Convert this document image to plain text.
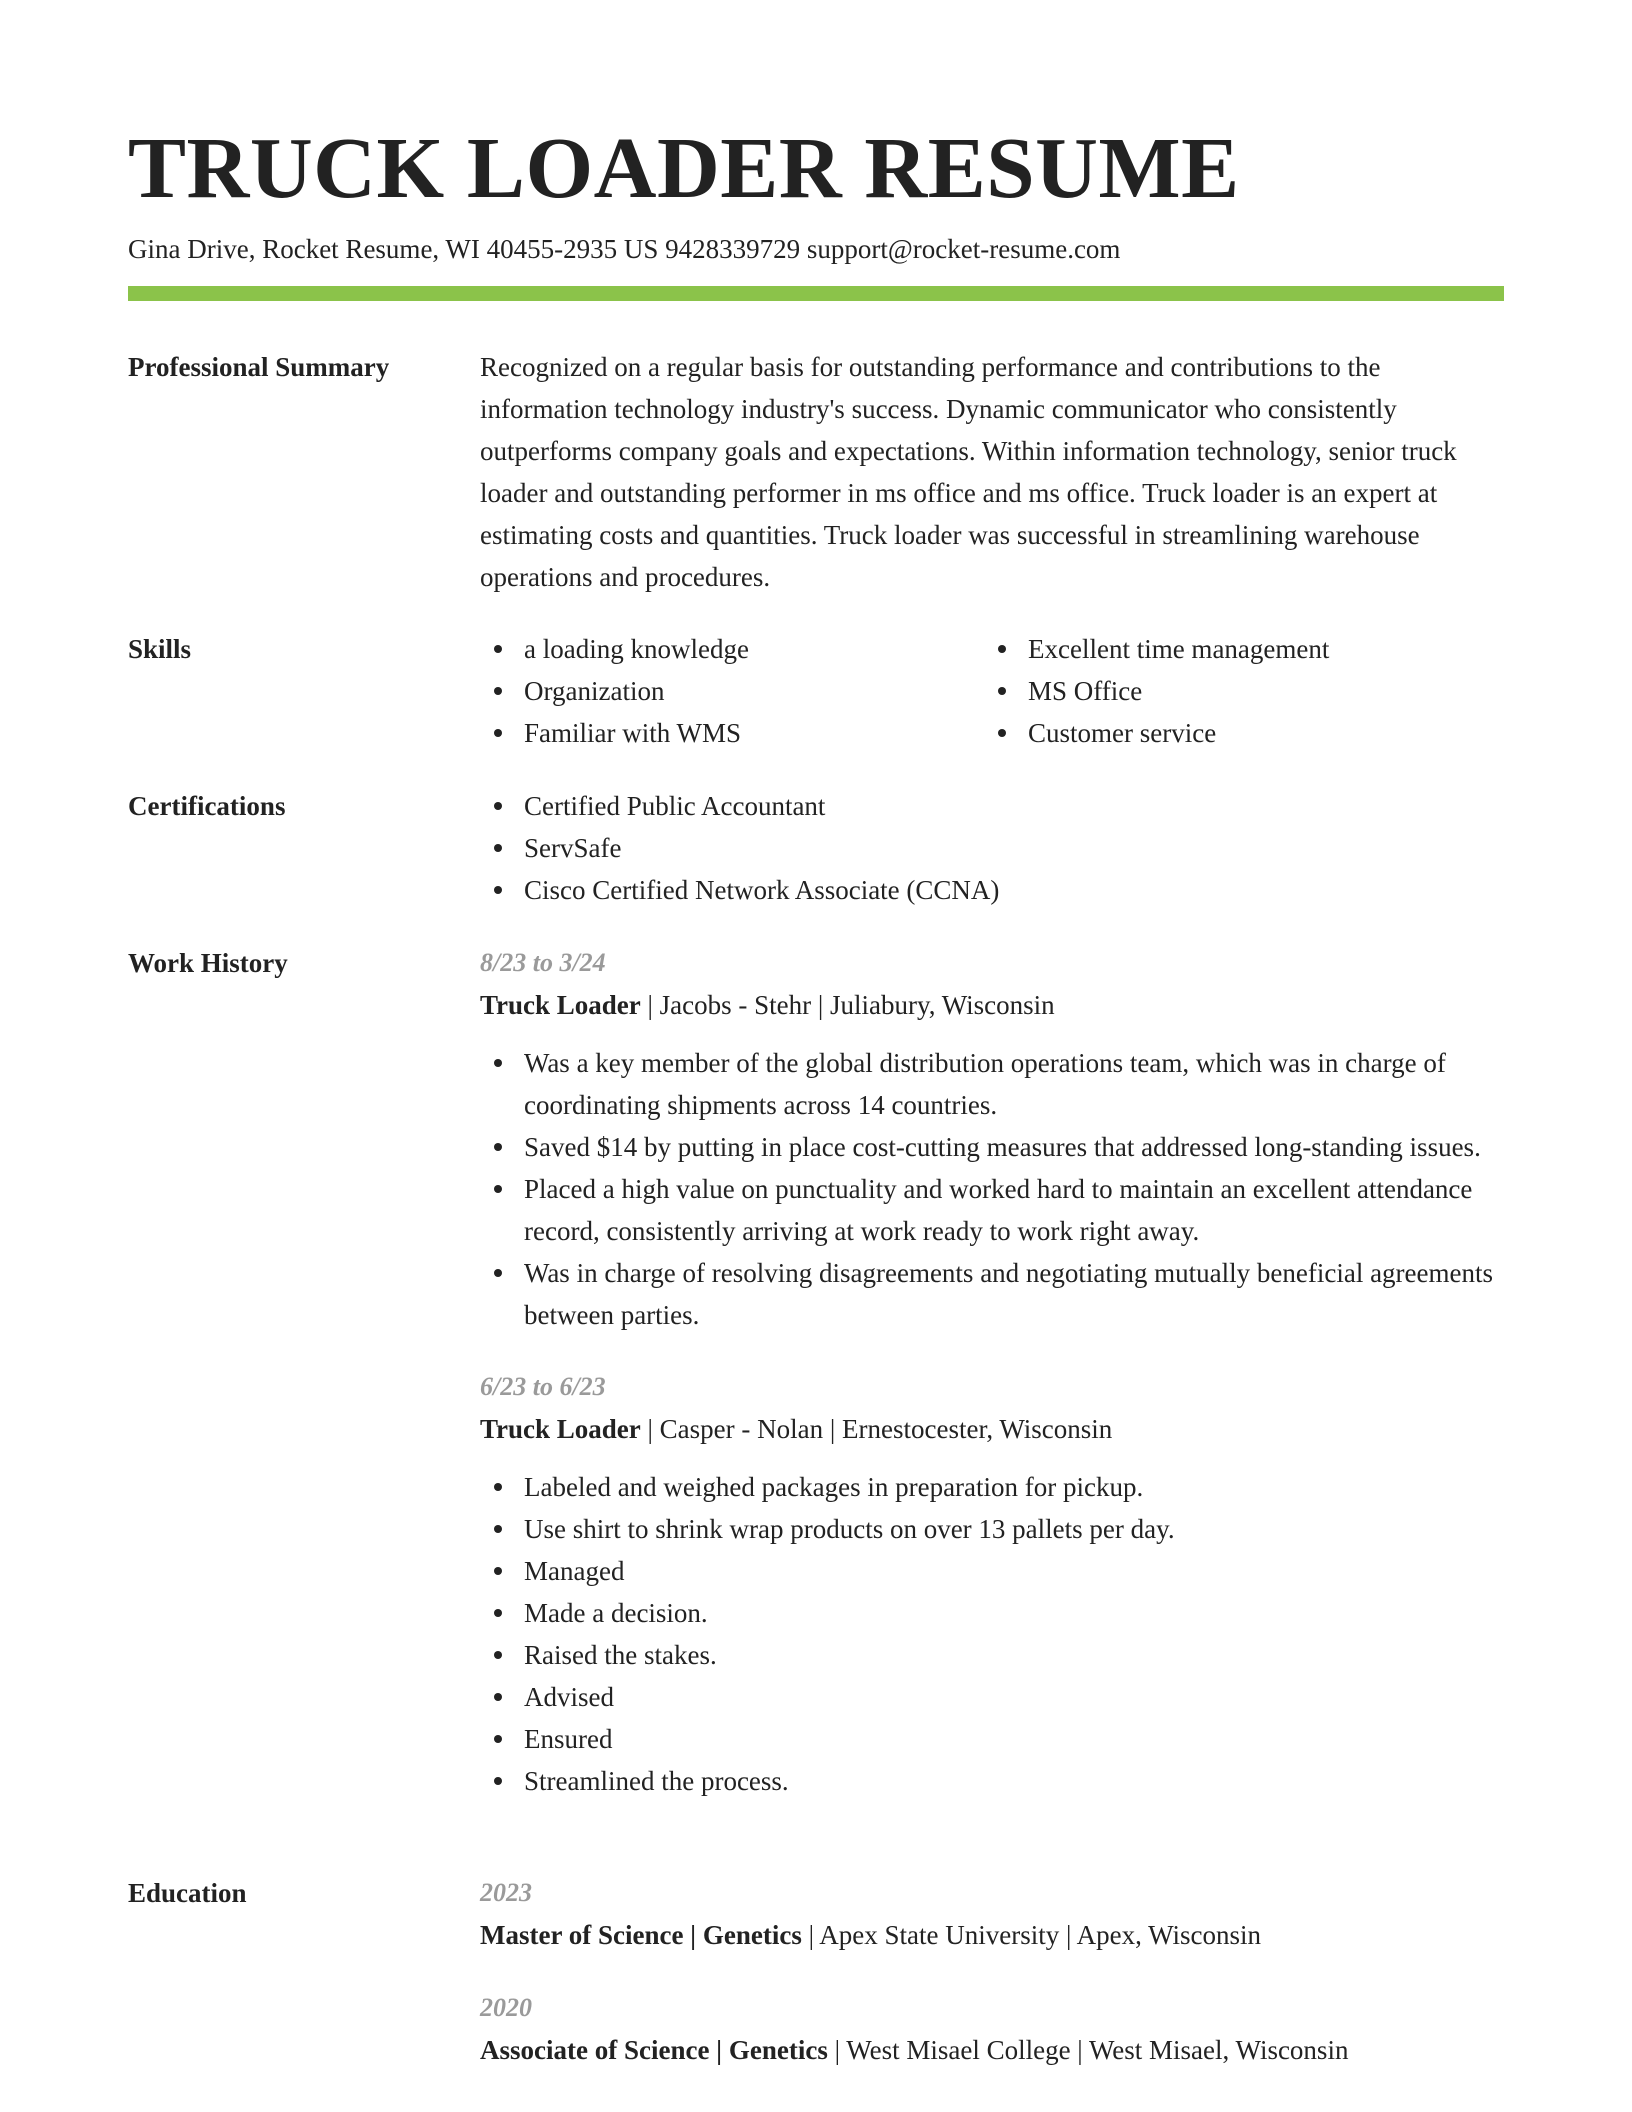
TRUCK LOADER RESUME
Gina Drive, Rocket Resume, WI 40455-2935 US 9428339729 support@rocket-resume.com
Professional Summary	Recognized on a regular basis for outstanding performance and contributions to the information technology industry's success. Dynamic communicator who consistently outperforms company goals and expectations. Within information technology, senior truck loader and outstanding performer in ms office and ms office. Truck loader is an expert at estimating costs and quantities. Truck loader was successful in streamlining warehouse operations and procedures.

Skills	a loading knowledge
Organization
Familiar with WMS
Excellent time management
MS Office
Customer service
Certifications	Certified Public Accountant
ServSafe
Cisco Certified Network Associate (CCNA)
Work History	8/23 to 3/24
Truck Loader | Jacobs - Stehr | Juliabury, Wisconsin
Was a key member of the global distribution operations team, which was in charge of coordinating shipments across 14 countries.
Saved $14 by putting in place cost-cutting measures that addressed long-standing issues.
Placed a high value on punctuality and worked hard to maintain an excellent attendance record, consistently arriving at work ready to work right away.
Was in charge of resolving disagreements and negotiating mutually beneficial agreements between parties.
6/23 to 6/23
Truck Loader | Casper - Nolan | Ernestocester, Wisconsin
Labeled and weighed packages in preparation for pickup.
Use shirt to shrink wrap products on over 13 pallets per day.
Managed
Made a decision.
Raised the stakes.
Advised
Ensured
Streamlined the process.
Education	2023
Master of Science | Genetics | Apex State University | Apex, Wisconsin
2020
Associate of Science | Genetics | West Misael College | West Misael, Wisconsin
